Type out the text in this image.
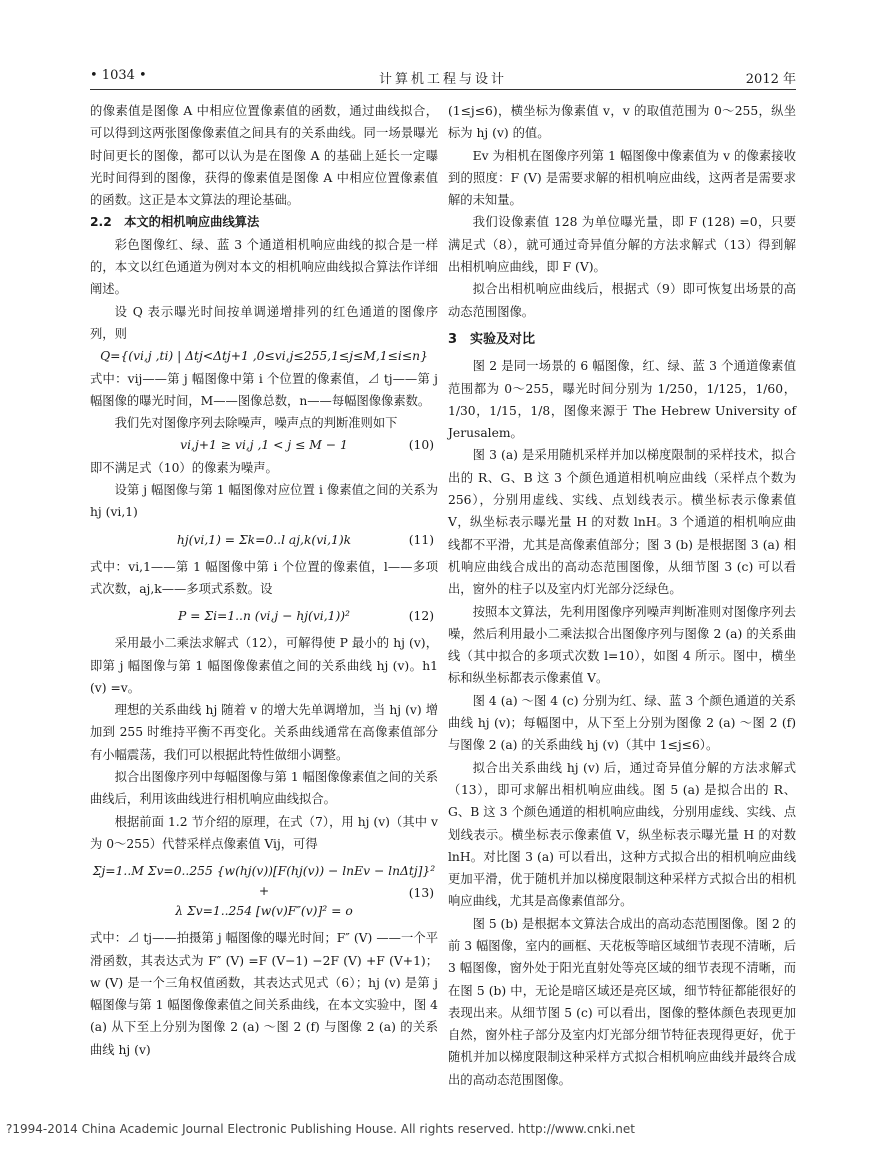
• 1034 •	计算机工程与设计	2012 年

的像素值是图像 A 中相应位置像素值的函数，通过曲线拟合，可以得到这两张图像像素值之间具有的关系曲线。同一场景曝光时间更长的图像，都可以认为是在图像 A 的基础上延长一定曝光时间得到的图像，获得的像素值是图像 A 中相应位置像素值的函数。这正是本文算法的理论基础。

2.2　本文的相机响应曲线算法

彩色图像红、绿、蓝 3 个通道相机响应曲线的拟合是一样的，本文以红色通道为例对本文的相机响应曲线拟合算法作详细阐述。

设 Q 表示曝光时间按单调递增排列的红色通道的图像序列，则

Q={(vi,j ,ti) | Δtj<Δtj+1 ,0≤vi,j≤255,1≤j≤M,1≤i≤n}

式中：vij——第 j 幅图像中第 i 个位置的像素值，⊿ tj——第 j 幅图像的曝光时间，M——图像总数，n——每幅图像像素数。

我们先对图像序列去除噪声，噪声点的判断准则如下

vi,j+1 ≥ vi,j ,1 < j ≤ M − 1	(10)

即不满足式（10）的像素为噪声。

设第 j 幅图像与第 1 幅图像对应位置 i 像素值之间的关系为 hj (vi,1)

hj(vi,1) = Σk=0..l aj,k(vi,1)k	(11)

式中：vi,1——第 1 幅图像中第 i 个位置的像素值，l——多项式次数，aj,k——多项式系数。设

P = Σi=1..n (vi,j − hj(vi,1))²	(12)

采用最小二乘法求解式（12），可解得使 P 最小的 hj (v)，即第 j 幅图像与第 1 幅图像像素值之间的关系曲线 hj (v)。h1 (v) =v。

理想的关系曲线 hj 随着 v 的增大先单调增加，当 hj (v) 增加到 255 时维持平衡不再变化。关系曲线通常在高像素值部分有小幅震荡，我们可以根据此特性做细小调整。

拟合出图像序列中每幅图像与第 1 幅图像像素值之间的关系曲线后，利用该曲线进行相机响应曲线拟合。

根据前面 1.2 节介绍的原理，在式（7），用 hj (v)（其中 v 为 0～255）代替采样点像素值 Vij，可得

Σj=1..M Σv=0..255 {w(hj(v))[F(hj(v)) − lnEv − lnΔtj]}² +
λ Σv=1..254 [w(v)F″(v)]² = o
(13)

式中：⊿ tj——拍摄第 j 幅图像的曝光时间；F″ (V) ——一个平滑函数，其表达式为 F″ (V) =F (V−1) −2F (V) +F (V+1)；w (V) 是一个三角权值函数，其表达式见式（6）；hj (v) 是第 j 幅图像与第 1 幅图像像素值之间关系曲线，在本文实验中，图 4 (a) 从下至上分别为图像 2 (a) ～图 2 (f) 与图像 2 (a) 的关系曲线 hj (v)

(1≤j≤6)，横坐标为像素值 v，v 的取值范围为 0～255，纵坐标为 hj (v) 的值。

Ev 为相机在图像序列第 1 幅图像中像素值为 v 的像素接收到的照度：F (V) 是需要求解的相机响应曲线，这两者是需要求解的未知量。

我们设像素值 128 为单位曝光量，即 F (128) =0，只要满足式（8），就可通过奇异值分解的方法求解式（13）得到解出相机响应曲线，即 F (V)。

拟合出相机响应曲线后，根据式（9）即可恢复出场景的高动态范围图像。

3　实验及对比

图 2 是同一场景的 6 幅图像，红、绿、蓝 3 个通道像素值范围都为 0～255，曝光时间分别为 1/250，1/125，1/60，1/30，1/15，1/8，图像来源于 The Hebrew University of Jerusalem。

图 3 (a) 是采用随机采样并加以梯度限制的采样技术，拟合出的 R、G、B 这 3 个颜色通道相机响应曲线（采样点个数为 256），分别用虚线、实线、点划线表示。横坐标表示像素值 V，纵坐标表示曝光量 H 的对数 lnH。3 个通道的相机响应曲线都不平滑，尤其是高像素值部分；图 3 (b) 是根据图 3 (a) 相机响应曲线合成出的高动态范围图像，从细节图 3 (c) 可以看出，窗外的柱子以及室内灯光部分泛绿色。

按照本文算法，先利用图像序列噪声判断准则对图像序列去噪，然后利用最小二乘法拟合出图像序列与图像 2 (a) 的关系曲线（其中拟合的多项式次数 l=10），如图 4 所示。图中，横坐标和纵坐标都表示像素值 V。

图 4 (a) ～图 4 (c) 分别为红、绿、蓝 3 个颜色通道的关系曲线 hj (v)；每幅图中，从下至上分别为图像 2 (a) ～图 2 (f) 与图像 2 (a) 的关系曲线 hj (v)（其中 1≤j≤6）。

拟合出关系曲线 hj (v) 后，通过奇异值分解的方法求解式（13），即可求解出相机响应曲线。图 5 (a) 是拟合出的 R、G、B 这 3 个颜色通道的相机响应曲线，分别用虚线、实线、点划线表示。横坐标表示像素值 V，纵坐标表示曝光量 H 的对数 lnH。对比图 3 (a) 可以看出，这种方式拟合出的相机响应曲线更加平滑，优于随机并加以梯度限制这种采样方式拟合出的相机响应曲线，尤其是高像素值部分。

图 5 (b) 是根据本文算法合成出的高动态范围图像。图 2 的前 3 幅图像，室内的画框、天花板等暗区域细节表现不清晰，后 3 幅图像，窗外处于阳光直射处等亮区域的细节表现不清晰，而在图 5 (b) 中，无论是暗区域还是亮区域，细节特征都能很好的表现出来。从细节图 5 (c) 可以看出，图像的整体颜色表现更加自然，窗外柱子部分及室内灯光部分细节特征表现得更好，优于随机并加以梯度限制这种采样方式拟合相机响应曲线并最终合成出的高动态范围图像。

?1994-2014 China Academic Journal Electronic Publishing House. All rights reserved. http://www.cnki.net
